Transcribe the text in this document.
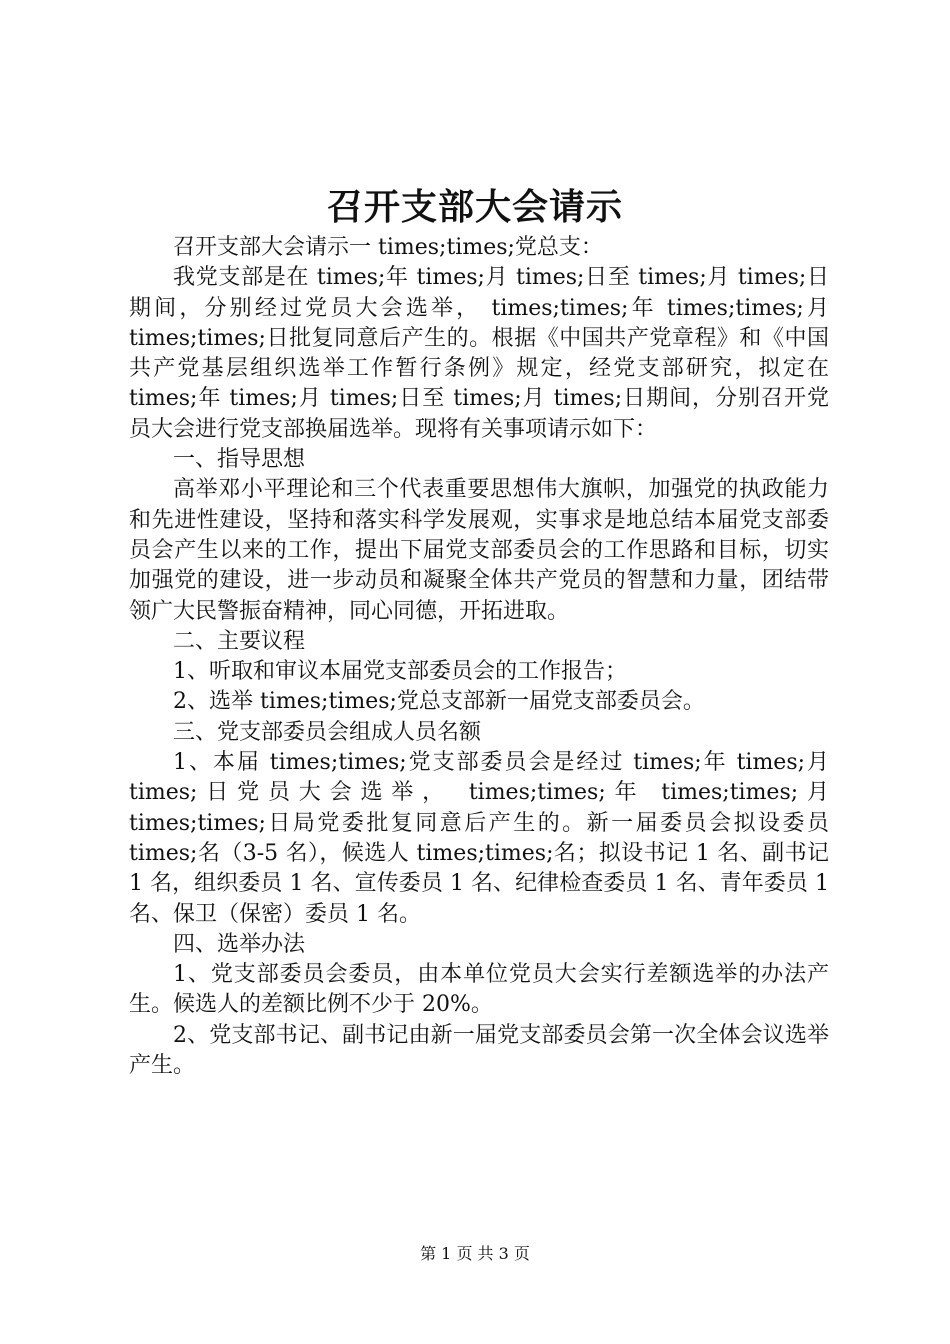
召开支部大会请示

召开支部大会请示一 times;times;党总支：

我党支部是在 times;年 times;月 times;日至 times;月 times;日期间，分别经过党员大会选举， times;times;年 times;times;月 times;times;日批复同意后产生的。根据《中国共产党章程》和《中国共产党基层组织选举工作暂行条例》规定，经党支部研究，拟定在 times;年 times;月 times;日至 times;月 times;日期间，分别召开党员大会进行党支部换届选举。现将有关事项请示如下：

一、指导思想

高举邓小平理论和三个代表重要思想伟大旗帜，加强党的执政能力和先进性建设，坚持和落实科学发展观，实事求是地总结本届党支部委员会产生以来的工作，提出下届党支部委员会的工作思路和目标，切实加强党的建设，进一步动员和凝聚全体共产党员的智慧和力量，团结带领广大民警振奋精神，同心同德，开拓进取。

二、主要议程

1、听取和审议本届党支部委员会的工作报告；

2、选举 times;times;党总支部新一届党支部委员会。

三、党支部委员会组成人员名额

1、本届 times;times;党支部委员会是经过 times;年 times;月 times;日党员大会选举， times;times;年 times;times;月 times;times;日局党委批复同意后产生的。新一届委员会拟设委员 times;名（3-5 名），候选人 times;times;名；拟设书记 1 名、副书记 1 名，组织委员 1 名、宣传委员 1 名、纪律检查委员 1 名、青年委员 1 名、保卫（保密）委员 1 名。

四、选举办法

1、党支部委员会委员，由本单位党员大会实行差额选举的办法产生。候选人的差额比例不少于 20%。

2、党支部书记、副书记由新一届党支部委员会第一次全体会议选举产生。

第 1 页 共 3 页
